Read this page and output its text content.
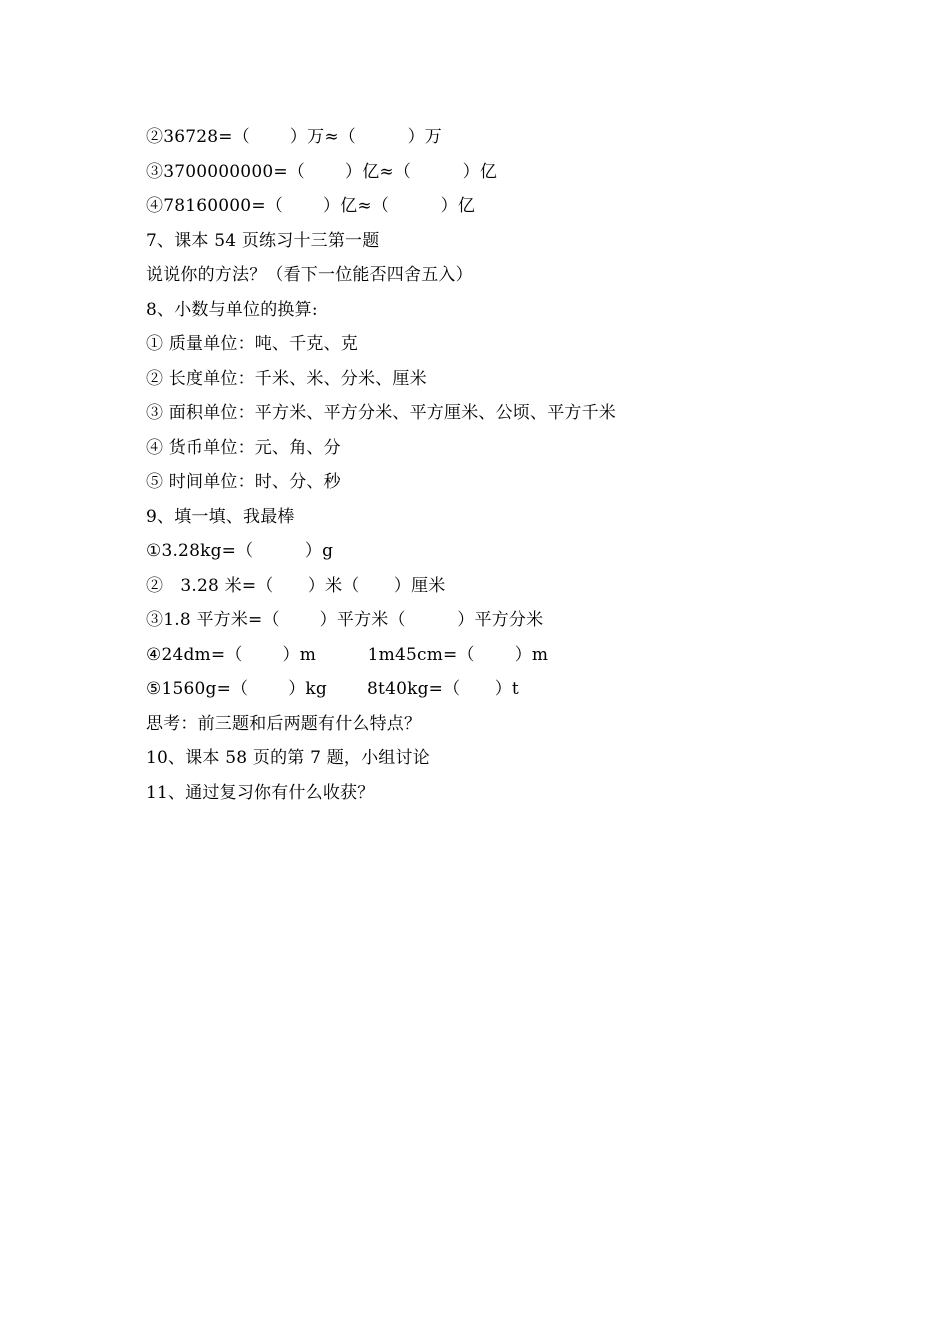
②36728=（　　 ）万≈（　　　）万
③3700000000=（　　 ）亿≈（　　　）亿
④78160000=（　　 ）亿≈（　　　）亿
7、课本 54 页练习十三第一题
说说你的方法？（看下一位能否四舍五入）
8、小数与单位的换算:
① 质量单位：吨、千克、克
② 长度单位：千米、米、分米、厘米
③ 面积单位：平方米、平方分米、平方厘米、公顷、平方千米
④ 货币单位：元、角、分
⑤ 时间单位：时、分、秒
9、填一填、我最棒
①3.28kg=（　　　）g
②　3.28 米=（　　）米（　　）厘米
③1.8 平方米=（　　 ）平方米（　　　）平方分米
④24dm=（　　 ）m　　　1m45cm=（　　 ）m
⑤1560g=（　　 ）kg　　 8t40kg=（　　）t
思考：前三题和后两题有什么特点？
10、课本 58 页的第 7 题，小组讨论
11、通过复习你有什么收获？
